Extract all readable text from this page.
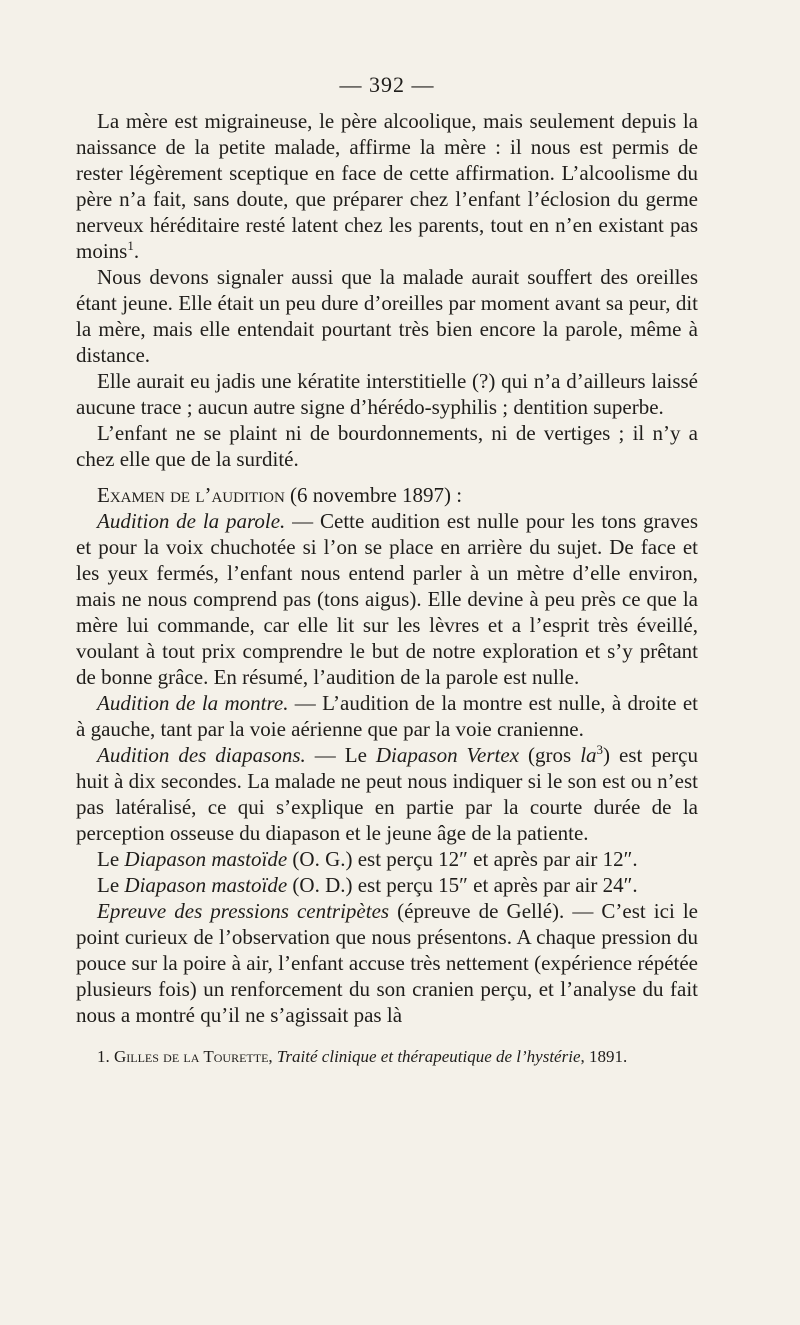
— 392 —

La mère est migraineuse, le père alcoolique, mais seulement depuis la naissance de la petite malade, affirme la mère : il nous est permis de rester légèrement sceptique en face de cette affirmation. L’alcoolisme du père n’a fait, sans doute, que préparer chez l’enfant l’éclosion du germe nerveux héréditaire resté latent chez les parents, tout en n’en existant pas moins$^1$.

Nous devons signaler aussi que la malade aurait souffert des oreilles étant jeune. Elle était un peu dure d’oreilles par moment avant sa peur, dit la mère, mais elle entendait pourtant très bien encore la parole, même à distance.

Elle aurait eu jadis une kératite interstitielle (?) qui n’a d’ailleurs laissé aucune trace ; aucun autre signe d’hérédo-syphilis ; dentition superbe.

L’enfant ne se plaint ni de bourdonnements, ni de vertiges ; il n’y a chez elle que de la surdité.

Examen de l’audition (6 novembre 1897) :

Audition de la parole. — Cette audition est nulle pour les tons graves et pour la voix chuchotée si l’on se place en arrière du sujet. De face et les yeux fermés, l’enfant nous entend parler à un mètre d’elle environ, mais ne nous comprend pas (tons aigus). Elle devine à peu près ce que la mère lui commande, car elle lit sur les lèvres et a l’esprit très éveillé, voulant à tout prix comprendre le but de notre exploration et s’y prêtant de bonne grâce. En résumé, l’audition de la parole est nulle.

Audition de la montre. — L’audition de la montre est nulle, à droite et à gauche, tant par la voie aérienne que par la voie cranienne.

Audition des diapasons. — Le Diapason Vertex (gros $la^3$) est perçu huit à dix secondes. La malade ne peut nous indiquer si le son est ou n’est pas latéralisé, ce qui s’explique en partie par la courte durée de la perception osseuse du diapason et le jeune âge de la patiente.

Le Diapason mastoïde (O. G.) est perçu 12″ et après par air 12″.

Le Diapason mastoïde (O. D.) est perçu 15″ et après par air 24″.

Epreuve des pressions centripètes (épreuve de Gellé). — C’est ici le point curieux de l’observation que nous présentons. A chaque pression du pouce sur la poire à air, l’enfant accuse très nettement (expérience répétée plusieurs fois) un renforcement du son cranien perçu, et l’analyse du fait nous a montré qu’il ne s’agissait pas là

1. Gilles de la Tourette, Traité clinique et thérapeutique de l’hystérie, 1891.
